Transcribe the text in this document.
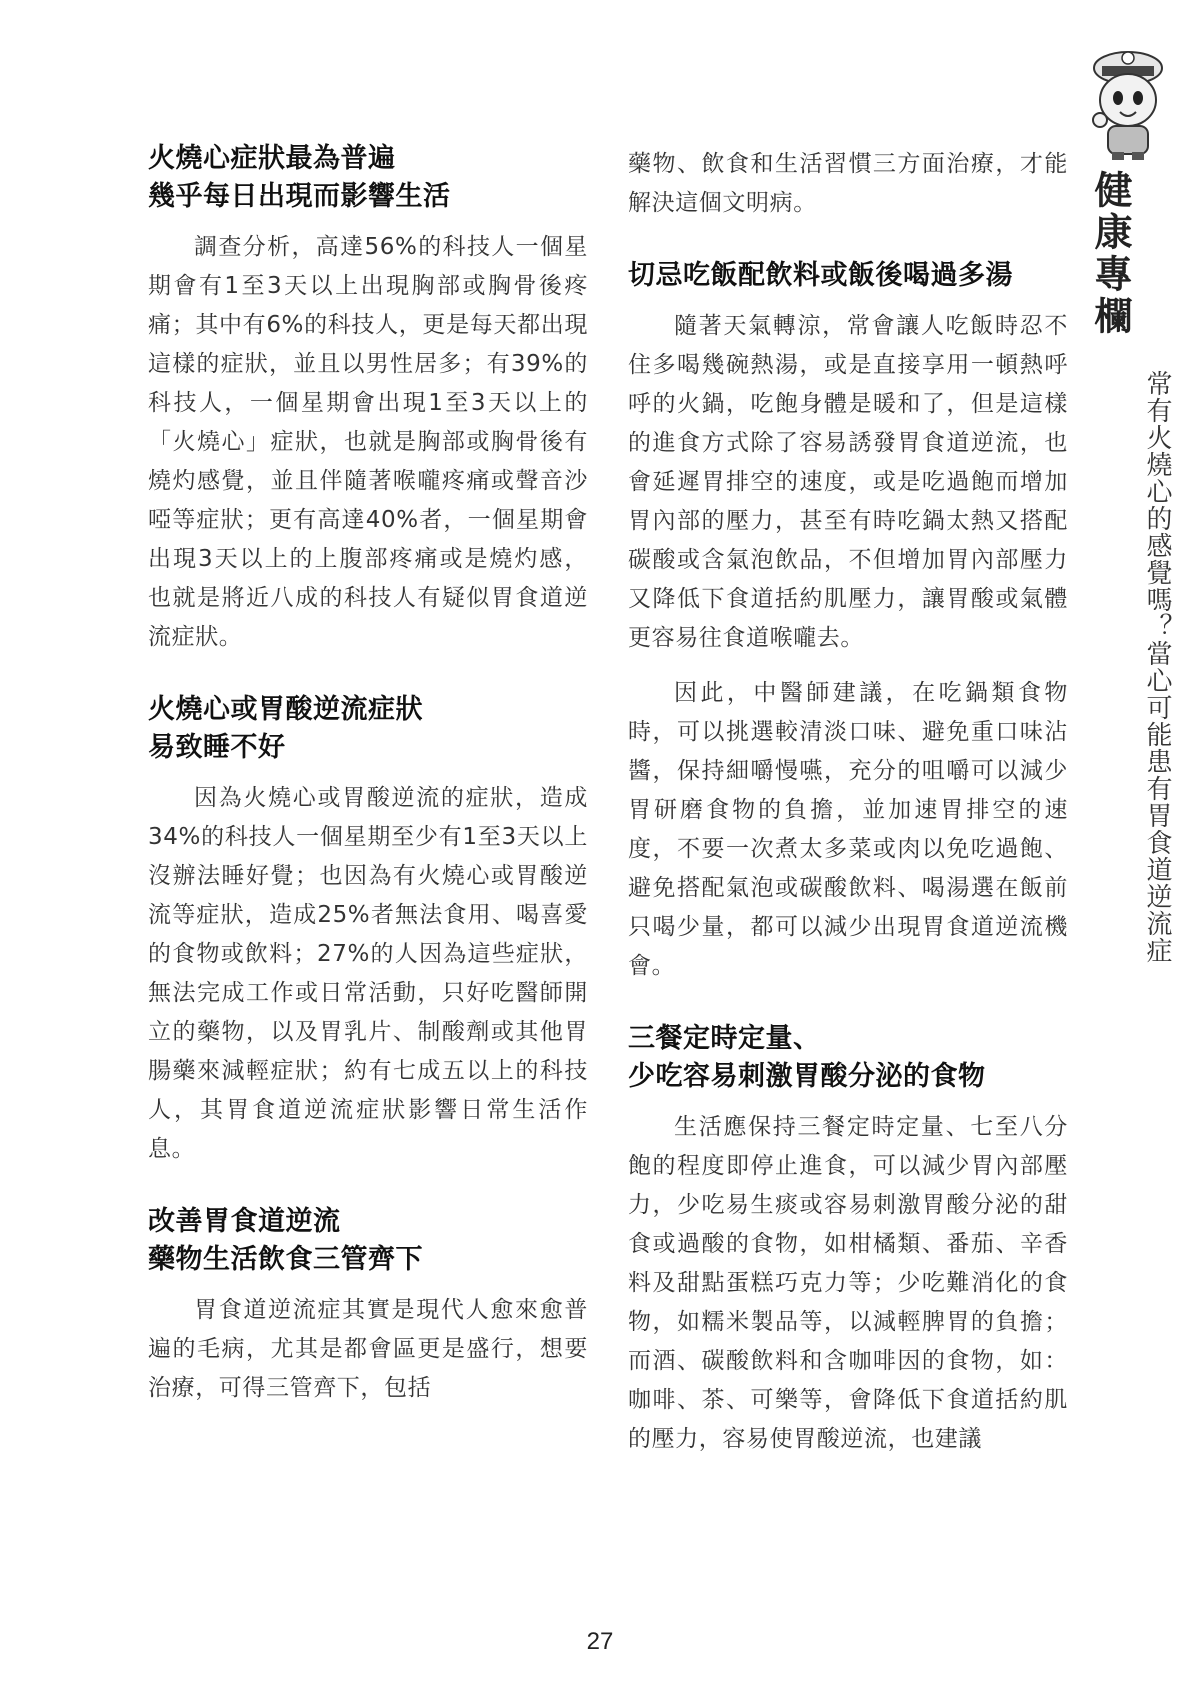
火燒心症狀最為普遍
幾乎每日出現而影響生活

調查分析，高達56%的科技人一個星期會有1至3天以上出現胸部或胸骨後疼痛；其中有6%的科技人，更是每天都出現這樣的症狀，並且以男性居多；有39%的科技人，一個星期會出現1至3天以上的「火燒心」症狀，也就是胸部或胸骨後有燒灼感覺，並且伴隨著喉嚨疼痛或聲音沙啞等症狀；更有高達40%者，一個星期會出現3天以上的上腹部疼痛或是燒灼感，也就是將近八成的科技人有疑似胃食道逆流症狀。

火燒心或胃酸逆流症狀
易致睡不好

因為火燒心或胃酸逆流的症狀，造成34%的科技人一個星期至少有1至3天以上沒辦法睡好覺；也因為有火燒心或胃酸逆流等症狀，造成25%者無法食用、喝喜愛的食物或飲料；27%的人因為這些症狀，無法完成工作或日常活動，只好吃醫師開立的藥物，以及胃乳片、制酸劑或其他胃腸藥來減輕症狀；約有七成五以上的科技人，其胃食道逆流症狀影響日常生活作息。

改善胃食道逆流
藥物生活飲食三管齊下

胃食道逆流症其實是現代人愈來愈普遍的毛病，尤其是都會區更是盛行，想要治療，可得三管齊下，包括

藥物、飲食和生活習慣三方面治療，才能解決這個文明病。

切忌吃飯配飲料或飯後喝過多湯

隨著天氣轉涼，常會讓人吃飯時忍不住多喝幾碗熱湯，或是直接享用一頓熱呼呼的火鍋，吃飽身體是暖和了，但是這樣的進食方式除了容易誘發胃食道逆流，也會延遲胃排空的速度，或是吃過飽而增加胃內部的壓力，甚至有時吃鍋太熱又搭配碳酸或含氣泡飲品，不但增加胃內部壓力又降低下食道括約肌壓力，讓胃酸或氣體更容易往食道喉嚨去。

因此，中醫師建議，在吃鍋類食物時，可以挑選較清淡口味、避免重口味沾醬，保持細嚼慢嚥，充分的咀嚼可以減少胃研磨食物的負擔，並加速胃排空的速度，不要一次煮太多菜或肉以免吃過飽、避免搭配氣泡或碳酸飲料、喝湯選在飯前只喝少量，都可以減少出現胃食道逆流機會。

三餐定時定量、
少吃容易刺激胃酸分泌的食物

生活應保持三餐定時定量、七至八分飽的程度即停止進食，可以減少胃內部壓力，少吃易生痰或容易刺激胃酸分泌的甜食或過酸的食物，如柑橘類、番茄、辛香料及甜點蛋糕巧克力等；少吃難消化的食物，如糯米製品等，以減輕脾胃的負擔；而酒、碳酸飲料和含咖啡因的食物，如：咖啡、茶、可樂等，會降低下食道括約肌的壓力，容易使胃酸逆流，也建議

健康專欄
常有火燒心的感覺嗎？當心可能患有胃食道逆流症
27
